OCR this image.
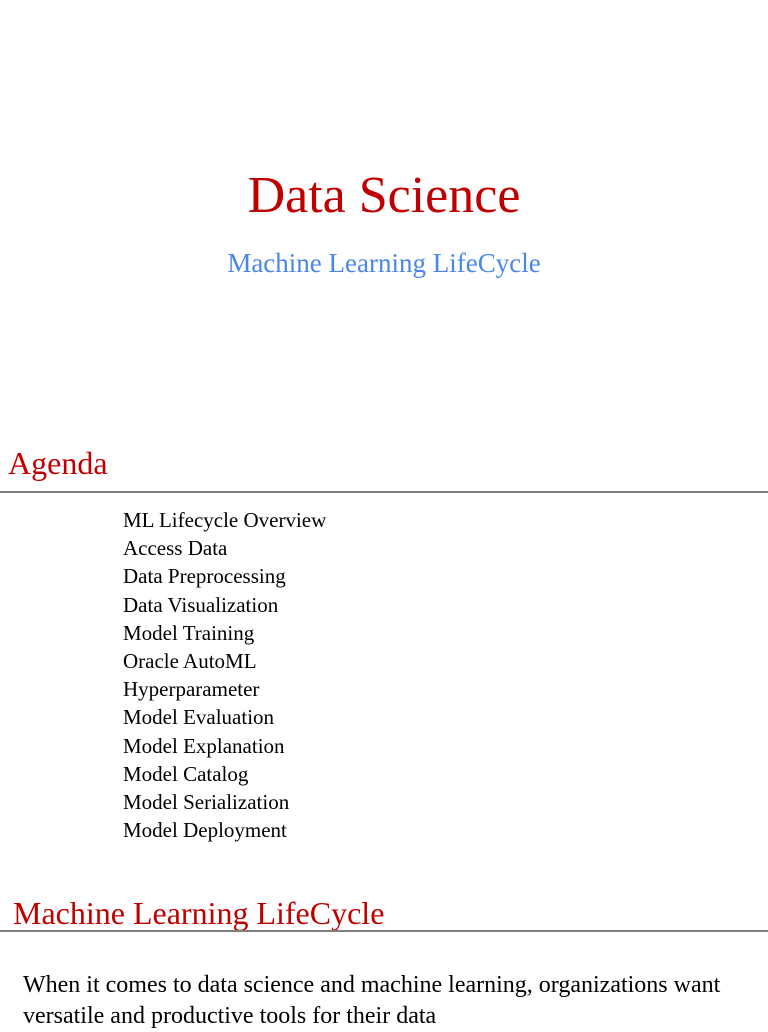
Data Science
Machine Learning LifeCycle
Agenda
ML Lifecycle Overview
Access Data
Data Preprocessing
Data Visualization
Model Training
Oracle AutoML
Hyperparameter
Model Evaluation
Model Explanation
Model Catalog
Model Serialization
Model Deployment
Machine Learning LifeCycle

When it comes to data science and machine learning, organizations want versatile and productive tools for their data
